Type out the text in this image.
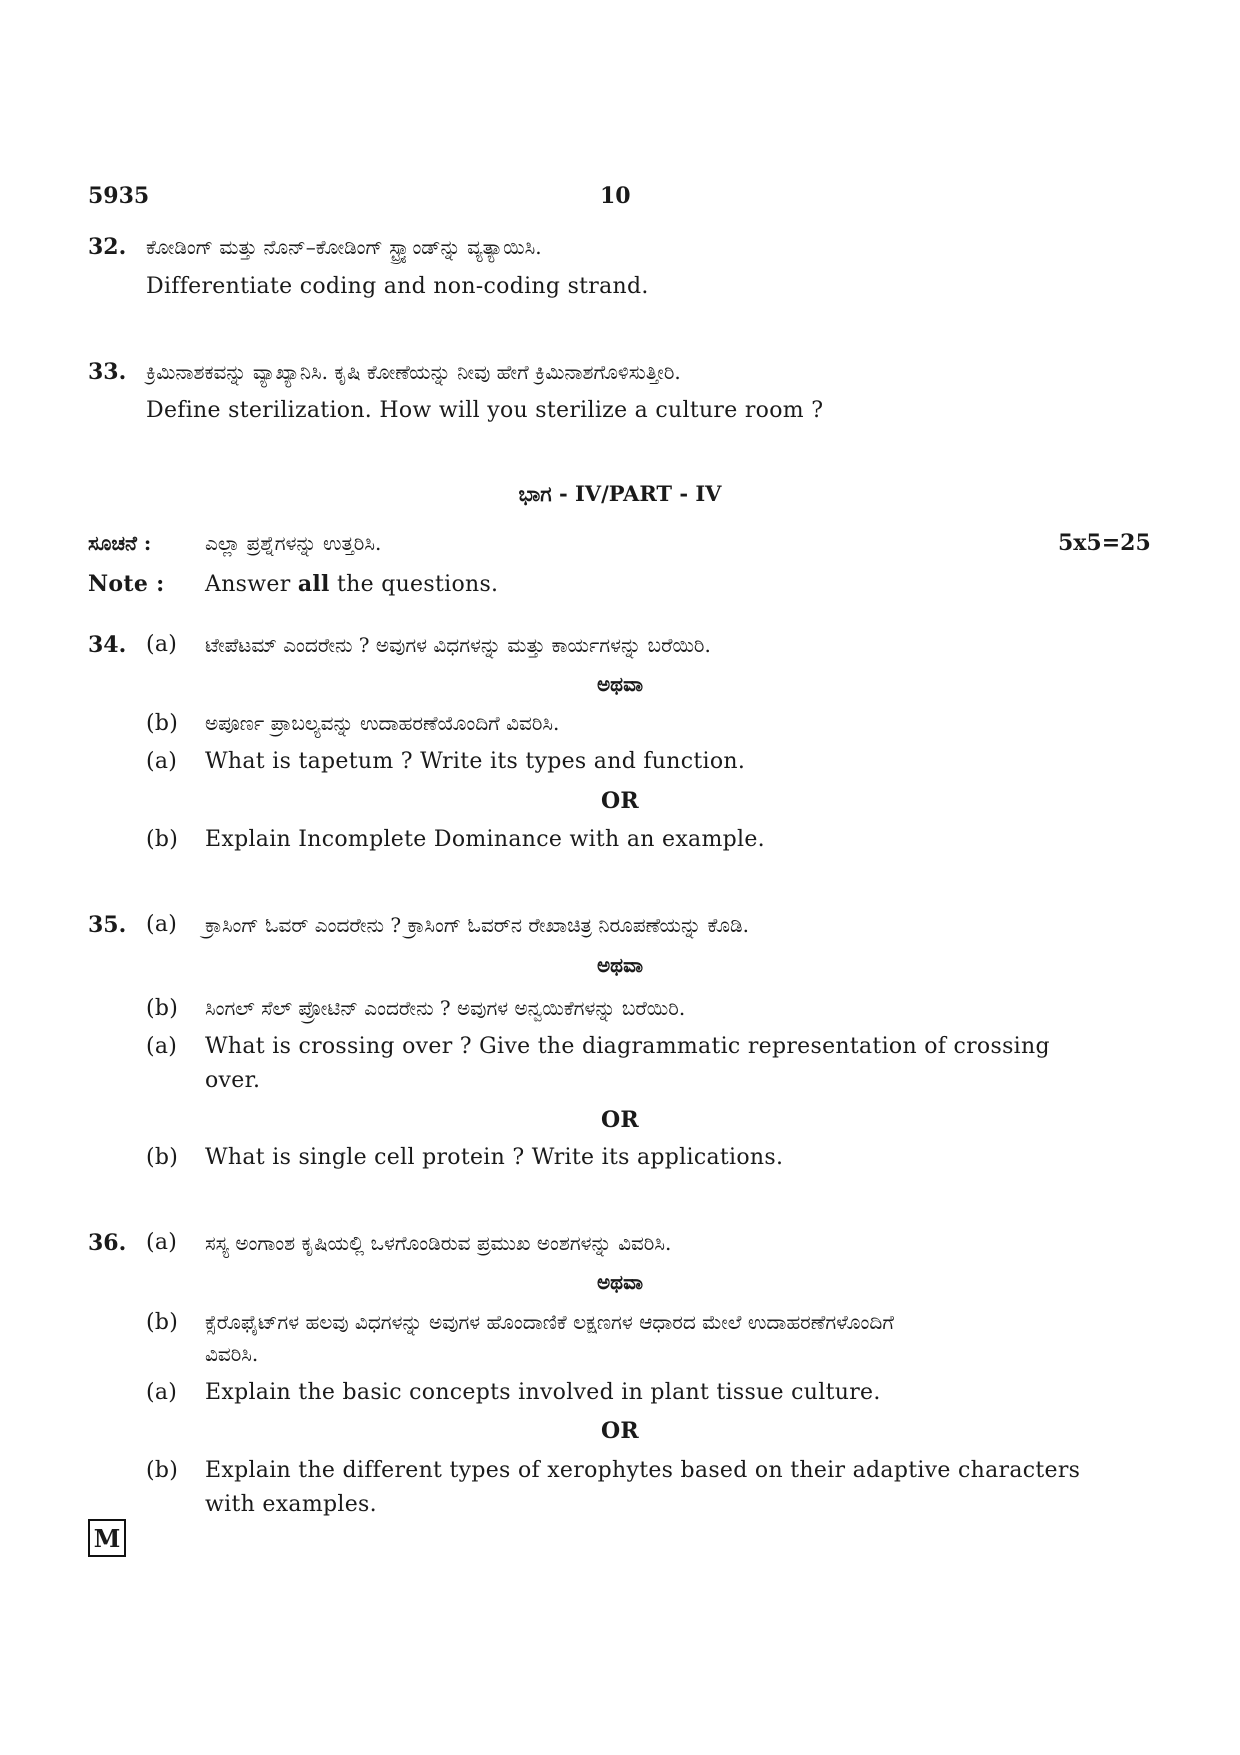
5935	10
32. ಕೋಡಿಂಗ್ ಮತ್ತು ನೊನ್–ಕೋಡಿಂಗ್ ಸ್ಟ್ರ್ಯಾಂಡ್‌ನ್ನು ವ್ಯತ್ಯಾಯಿಸಿ.
Differentiate coding and non-coding strand.
33. ಕ್ರಿಮಿನಾಶಕವನ್ನು ವ್ಯಾಖ್ಯಾನಿಸಿ. ಕೃಷಿ ಕೋಣೆಯನ್ನು ನೀವು ಹೇಗೆ ಕ್ರಿಮಿನಾಶಗೊಳಿಸುತ್ತೀರಿ.
Define sterilization. How will you sterilize a culture room ?
ಭಾಗ - IV/PART - IV
ಸೂಚನೆ :	ಎಲ್ಲಾ ಪ್ರಶ್ನೆಗಳನ್ನು ಉತ್ತರಿಸಿ.	5x5=25
Note : Answer all the questions.
34. (a) ಟೇಪೆಟಮ್ ಎಂದರೇನು ? ಅವುಗಳ ವಿಧಗಳನ್ನು ಮತ್ತು ಕಾರ್ಯಗಳನ್ನು ಬರೆಯಿರಿ.
ಅಥವಾ
(b) ಅಪೂರ್ಣ ಪ್ರಾಬಲ್ಯವನ್ನು ಉದಾಹರಣೆಯೊಂದಿಗೆ ವಿವರಿಸಿ.
(a) What is tapetum ? Write its types and function.
OR
(b) Explain Incomplete Dominance with an example.
35. (a) ಕ್ರಾಸಿಂಗ್ ಓವರ್ ಎಂದರೇನು ? ಕ್ರಾಸಿಂಗ್ ಓವರ್‌ನ ರೇಖಾಚಿತ್ರ ನಿರೂಪಣೆಯನ್ನು ಕೊಡಿ.
ಅಥವಾ
(b) ಸಿಂಗಲ್ ಸೆಲ್ ಪ್ರೋಟಿನ್ ಎಂದರೇನು ? ಅವುಗಳ ಅನ್ವಯಿಕೆಗಳನ್ನು ಬರೆಯಿರಿ.
(a) What is crossing over ? Give the diagrammatic representation of crossing
over.
OR
(b) What is single cell protein ? Write its applications.
36. (a) ಸಸ್ಯ ಅಂಗಾಂಶ ಕೃಷಿಯಲ್ಲಿ ಒಳಗೊಂಡಿರುವ ಪ್ರಮುಖ ಅಂಶಗಳನ್ನು ವಿವರಿಸಿ.
ಅಥವಾ
(b) ಕ್ಸೆರೊಫೈಟ್‌ಗಳ ಹಲವು ವಿಧಗಳನ್ನು ಅವುಗಳ ಹೊಂದಾಣಿಕೆ ಲಕ್ಷಣಗಳ ಆಧಾರದ ಮೇಲೆ ಉದಾಹರಣೆಗಳೊಂದಿಗೆ
ವಿವರಿಸಿ.
(a) Explain the basic concepts involved in plant tissue culture.
OR
(b) Explain the different types of xerophytes based on their adaptive characters
with examples.
M
